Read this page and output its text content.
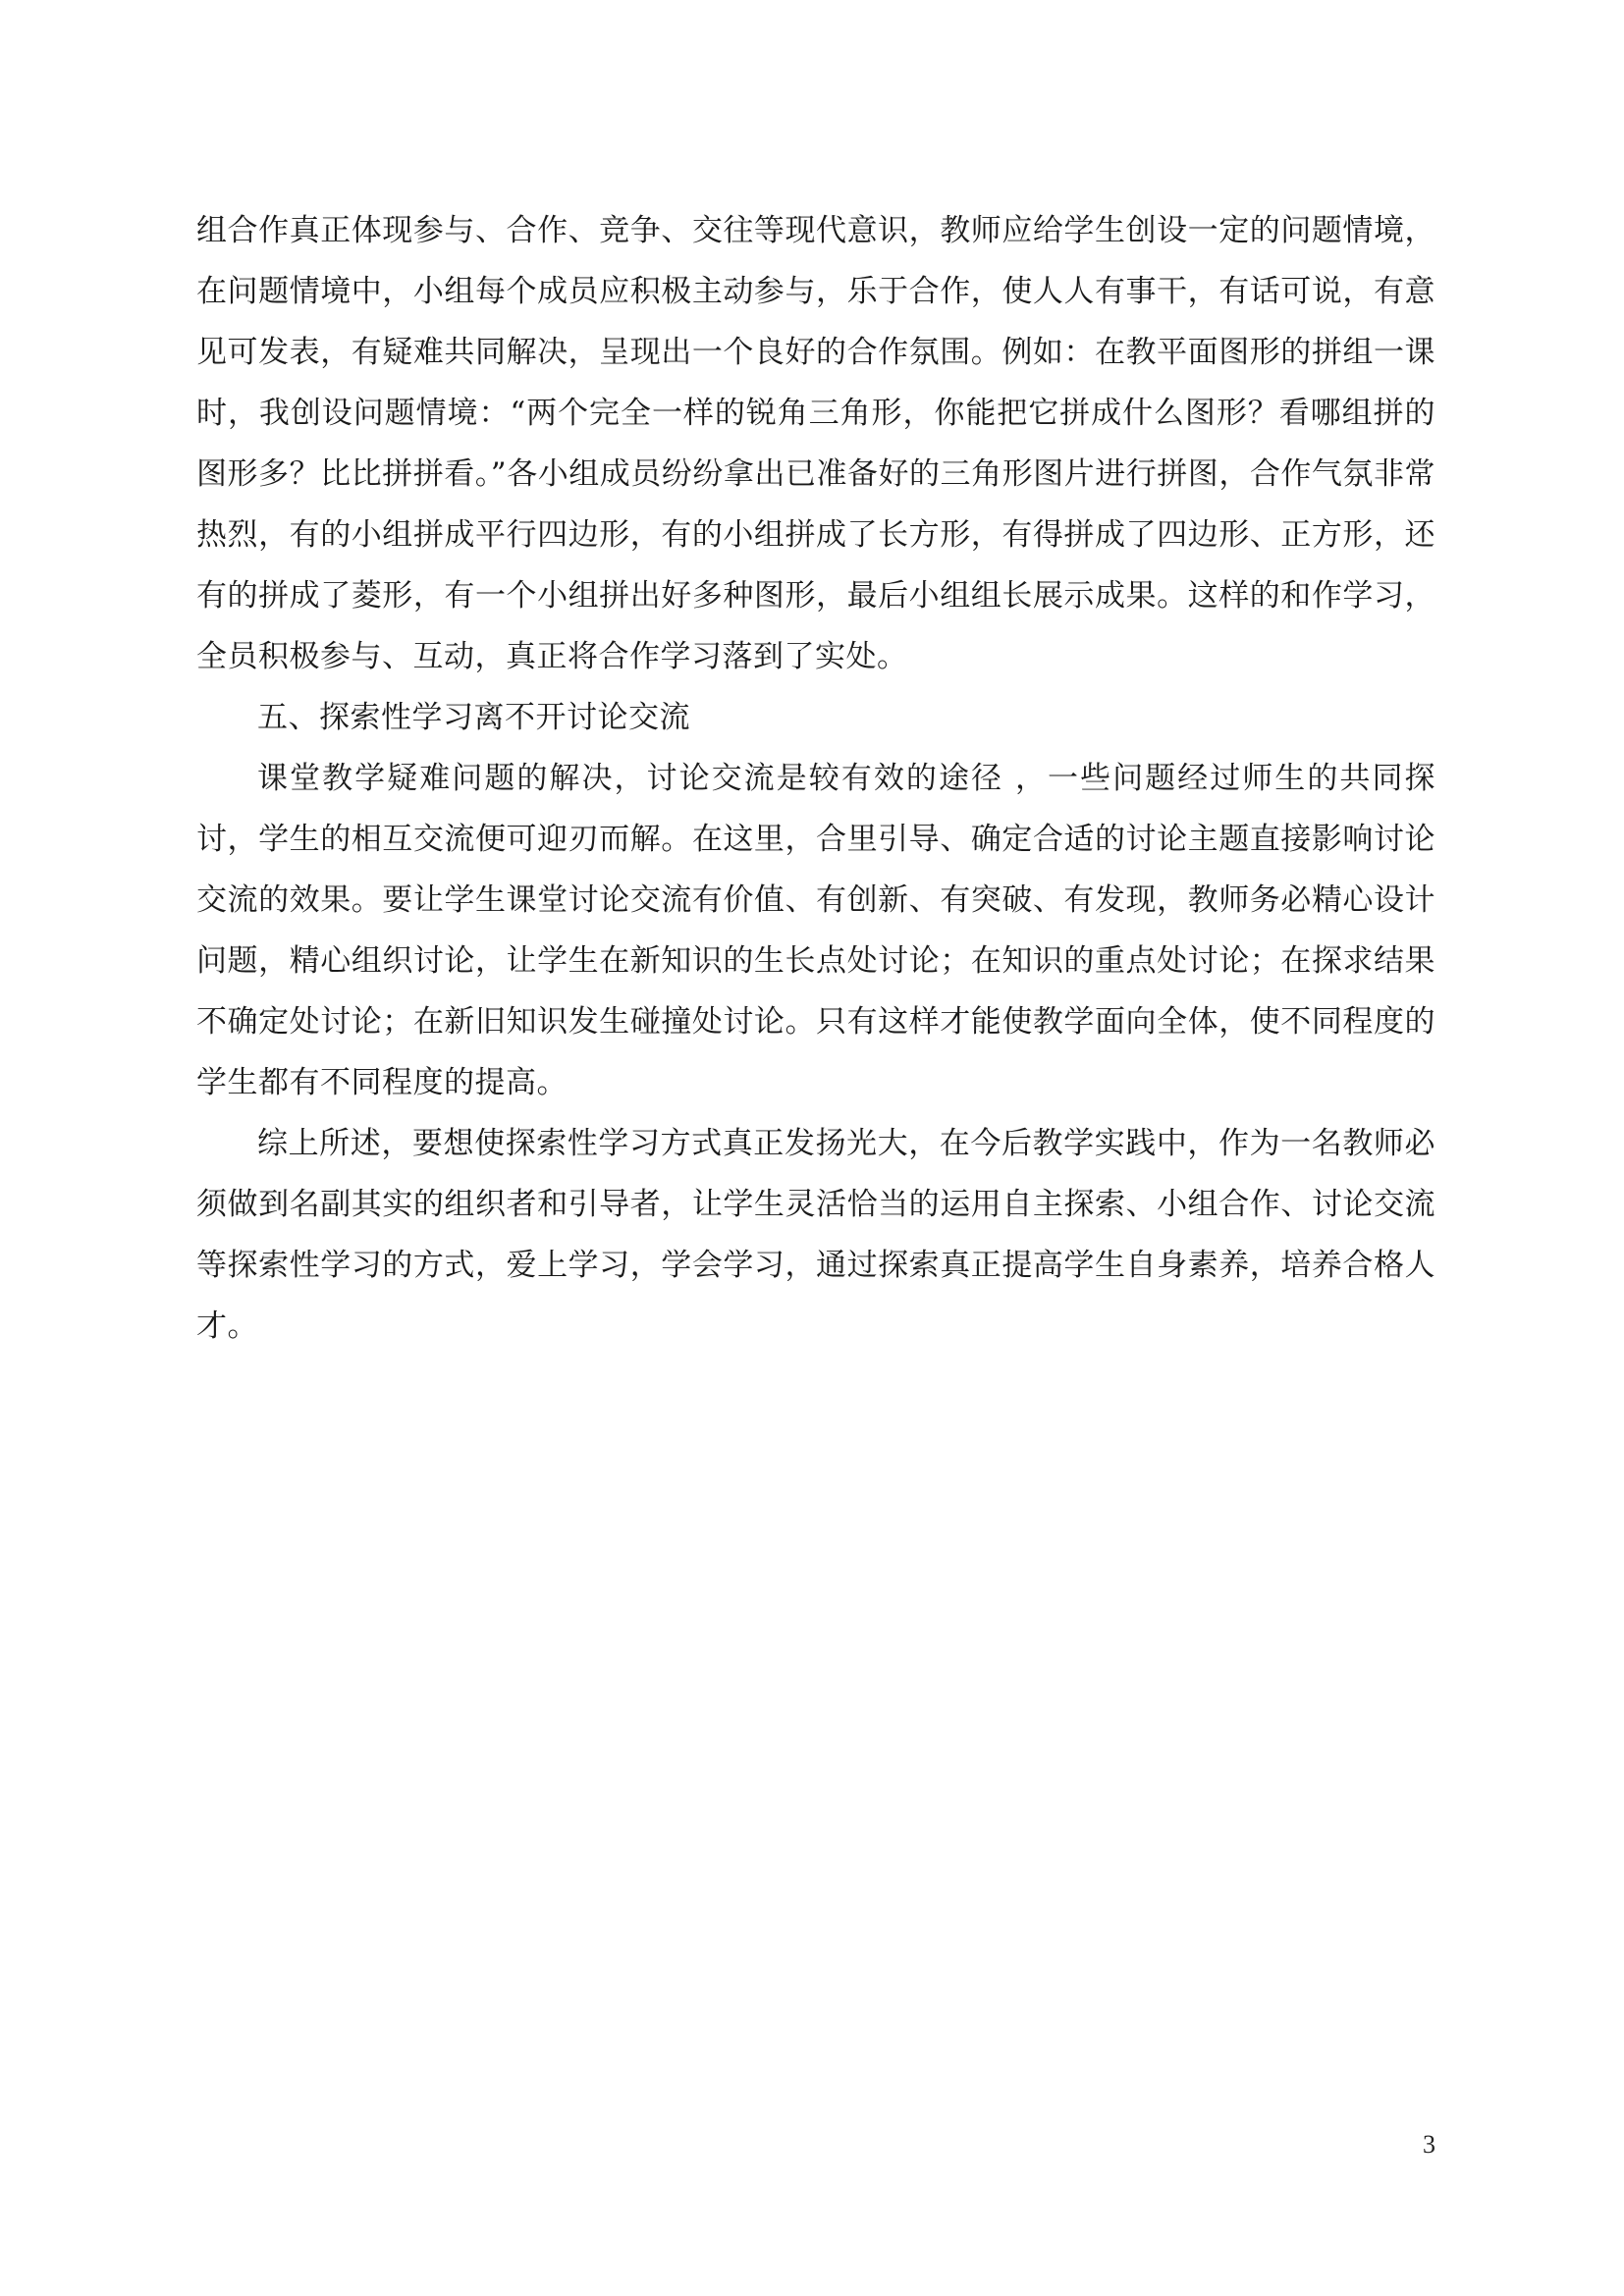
组合作真正体现参与、合作、竞争、交往等现代意识，教师应给学生创设一定的问题情境，在问题情境中，小组每个成员应积极主动参与，乐于合作，使人人有事干，有话可说，有意见可发表，有疑难共同解决，呈现出一个良好的合作氛围。例如：在教平面图形的拼组一课时，我创设问题情境：“两个完全一样的锐角三角形，你能把它拼成什么图形？看哪组拼的图形多？比比拼拼看。”各小组成员纷纷拿出已准备好的三角形图片进行拼图，合作气氛非常热烈，有的小组拼成平行四边形，有的小组拼成了长方形，有得拼成了四边形、正方形，还有的拼成了菱形，有一个小组拼出好多种图形，最后小组组长展示成果。这样的和作学习，全员积极参与、互动，真正将合作学习落到了实处。

五、探索性学习离不开讨论交流

课堂教学疑难问题的解决，讨论交流是较有效的途径 ，一些问题经过师生的共同探讨，学生的相互交流便可迎刃而解。在这里，合里引导、确定合适的讨论主题直接影响讨论交流的效果。要让学生课堂讨论交流有价值、有创新、有突破、有发现，教师务必精心设计问题，精心组织讨论，让学生在新知识的生长点处讨论；在知识的重点处讨论；在探求结果不确定处讨论；在新旧知识发生碰撞处讨论。只有这样才能使教学面向全体，使不同程度的学生都有不同程度的提高。

综上所述，要想使探索性学习方式真正发扬光大，在今后教学实践中，作为一名教师必须做到名副其实的组织者和引导者，让学生灵活恰当的运用自主探索、小组合作、讨论交流等探索性学习的方式，爱上学习，学会学习，通过探索真正提高学生自身素养，培养合格人才。

3
